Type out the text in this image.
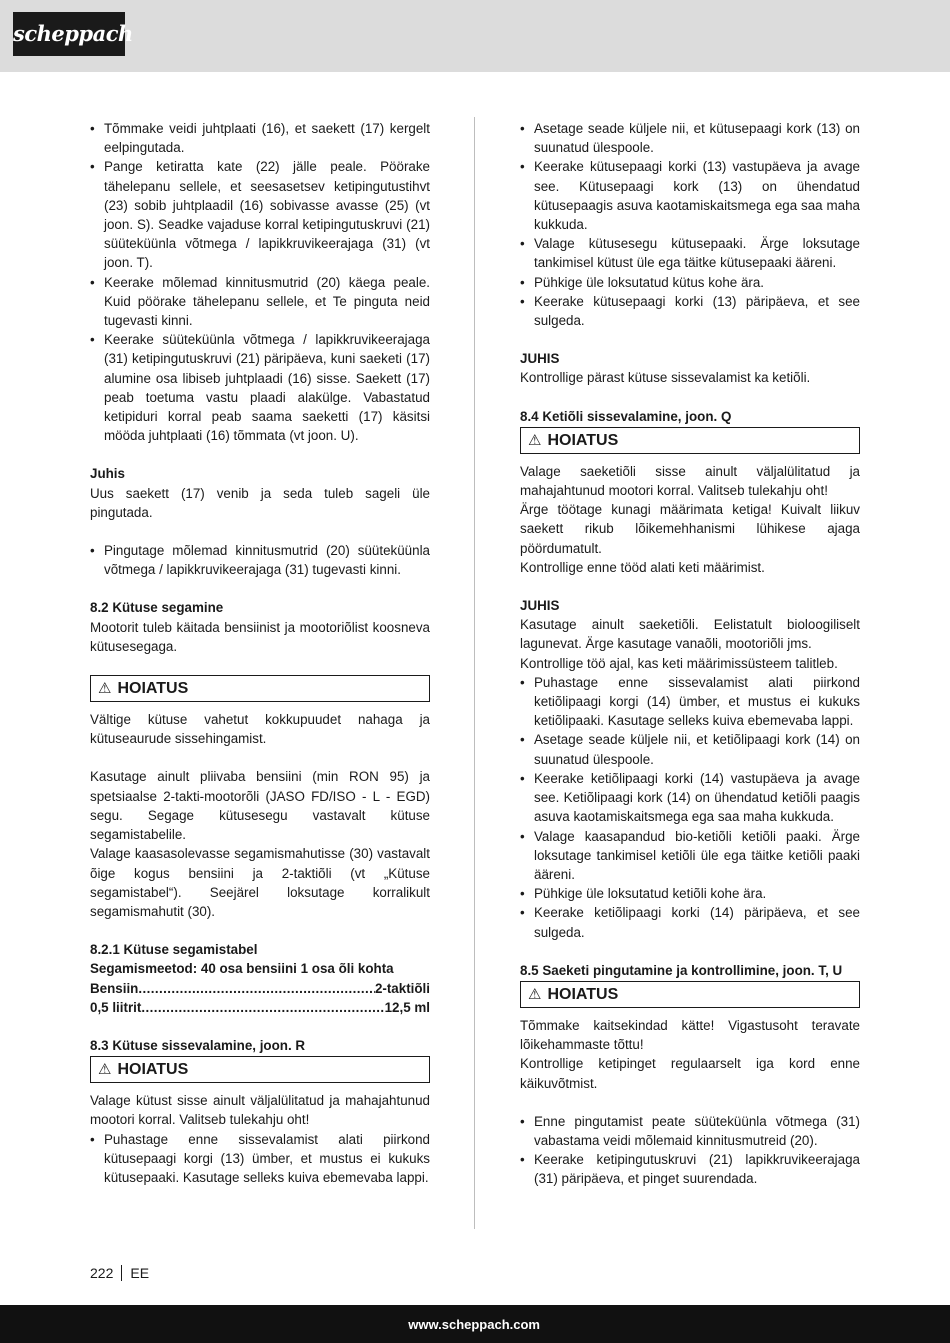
scheppach
• Tõmmake veidi juhtplaati (16), et saekett (17) kergelt eelpingutada.
• Pange ketiratta kate (22) jälle peale. Pöörake tähelepanu sellele, et seesasetsev ketipingutustihvt (23) sobib juhtplaadil (16) sobivasse avasse (25) (vt joon. S). Seadke vajaduse korral ketipingutuskruvi (21) süüteküünla võtmega / lapikkruvikeerajaga (31) (vt joon. T).
• Keerake mõlemad kinnitusmutrid (20) käega peale. Kuid pöörake tähelepanu sellele, et Te pinguta neid tugevasti kinni.
• Keerake süüteküünla võtmega / lapikkruvikeerajaga (31) ketipingutuskruvi (21) päripäeva, kuni saeketi (17) alumine osa libiseb juhtplaadi (16) sisse. Saekett (17) peab toetuma vastu plaadi alakülge. Vabastatud ketipiduri korral peab saama saeketti (17) käsitsi mööda juhtplaati (16) tõmmata (vt joon. U).

Juhis

Uus saekett (17) venib ja seda tuleb sageli üle pingutada.

• Pingutage mõlemad kinnitusmutrid (20) süüteküünla võtmega / lapikkruvikeerajaga (31) tugevasti kinni.

8.2 Kütuse segamine

Mootorit tuleb käitada bensiinist ja mootoriõlist koosneva kütusesegaga.

⚠ HOIATUS

Vältige kütuse vahetut kokkupuudet nahaga ja kütuseaurude sissehingamist.

Kasutage ainult pliivaba bensiini (min RON 95) ja spetsiaalse 2-takti-mootorõli (JASO FD/ISO - L - EGD) segu. Segage kütusesegu vastavalt kütuse segamistabelile.

Valage kaasasolevasse segamismahutisse (30) vastavalt õige kogus bensiini ja 2-taktiõli (vt „Kütuse segamistabel“). Seejärel loksutage korralikult segamismahutit (30).

8.2.1 Kütuse segamistabel

Segamismeetod: 40 osa bensiini 1 osa õli kohta

Bensiin .....	2-taktiõli
0,5 liitrit .....	12,5 ml

8.3 Kütuse sissevalamine, joon. R

⚠ HOIATUS

Valage kütust sisse ainult väljalülitatud ja mahajahtunud mootori korral. Valitseb tulekahju oht!

• Puhastage enne sissevalamist alati piirkond kütusepaagi korgi (13) ümber, et mustus ei kukuks kütusepaaki. Kasutage selleks kuiva ebemevaba lappi.
• Asetage seade küljele nii, et kütusepaagi kork (13) on suunatud ülespoole.
• Keerake kütusepaagi korki (13) vastupäeva ja avage see. Kütusepaagi kork (13) on ühendatud kütusepaagis asuva kaotamiskaitsmega ega saa maha kukkuda.
• Valage kütusesegu kütusepaaki. Ärge loksutage tankimisel kütust üle ega täitke kütusepaaki ääreni.
• Pühkige üle loksutatud kütus kohe ära.
• Keerake kütusepaagi korki (13) päripäeva, et see sulgeda.

JUHIS

Kontrollige pärast kütuse sissevalamist ka ketiõli.

8.4 Ketiõli sissevalamine, joon. Q

⚠ HOIATUS

Valage saeketiõli sisse ainult väljalülitatud ja mahajahtunud mootori korral. Valitseb tulekahju oht!

Ärge töötage kunagi määrimata ketiga! Kuivalt liikuv saekett rikub lõikemehhanismi lühikese ajaga pöördumatult.

Kontrollige enne tööd alati keti määrimist.

JUHIS

Kasutage ainult saeketiõli. Eelistatult bioloogiliselt lagunevat. Ärge kasutage vanaõli, mootoriõli jms.

Kontrollige töö ajal, kas keti määrimissüsteem talitleb.

• Puhastage enne sissevalamist alati piirkond ketiõlipaagi korgi (14) ümber, et mustus ei kukuks ketiõlipaaki. Kasutage selleks kuiva ebemevaba lappi.
• Asetage seade küljele nii, et ketiõlipaagi kork (14) on suunatud ülespoole.
• Keerake ketiõlipaagi korki (14) vastupäeva ja avage see. Ketiõlipaagi kork (14) on ühendatud ketiõli paagis asuva kaotamiskaitsmega ega saa maha kukkuda.
• Valage kaasapandud bio-ketiõli ketiõli paaki. Ärge loksutage tankimisel ketiõli üle ega täitke ketiõli paaki ääreni.
• Pühkige üle loksutatud ketiõli kohe ära.
• Keerake ketiõlipaagi korki (14) päripäeva, et see sulgeda.

8.5 Saeketi pingutamine ja kontrollimine, joon. T, U

⚠ HOIATUS

Tõmmake kaitsekindad kätte! Vigastusoht teravate lõikehammaste tõttu!

Kontrollige ketipinget regulaarselt iga kord enne käikuvõtmist.

• Enne pingutamist peate süüteküünla võtmega (31) vabastama veidi mõlemaid kinnitusmutreid (20).
• Keerake ketipingutuskruvi (21) lapikkruvikeerajaga (31) päripäeva, et pinget suurendada.
222 EE
www.scheppach.com
